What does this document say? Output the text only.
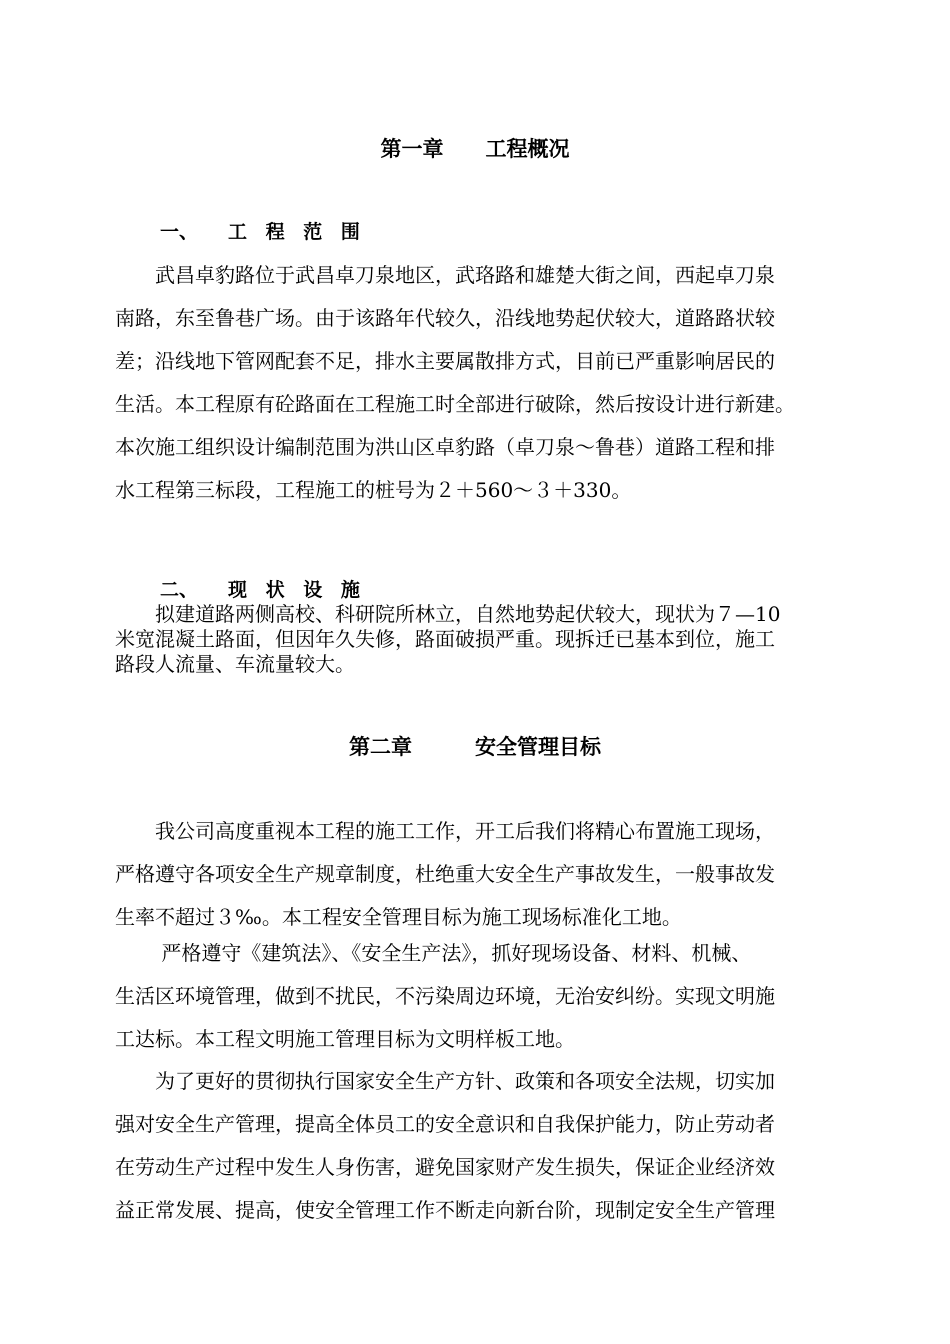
第一章　　工程概况
一、 工 程 范 围

　　武昌卓豹路位于武昌卓刀泉地区，武珞路和雄楚大街之间，西起卓刀泉
南路，东至鲁巷广场。由于该路年代较久，沿线地势起伏较大，道路路状较
差；沿线地下管网配套不足，排水主要属散排方式，目前已严重影响居民的
生活。本工程原有砼路面在工程施工时全部进行破除，然后按设计进行新建。
本次施工组织设计编制范围为洪山区卓豹路（卓刀泉～鲁巷）道路工程和排
水工程第三标段，工程施工的桩号为２＋560～３＋330。

二、 现 状 设 施

　　拟建道路两侧高校、科研院所林立，自然地势起伏较大，现状为７—10
米宽混凝土路面，但因年久失修，路面破损严重。现拆迁已基本到位，施工
路段人流量、车流量较大。

第二章　　　安全管理目标

　　我公司高度重视本工程的施工工作，开工后我们将精心布置施工现场，
严格遵守各项安全生产规章制度，杜绝重大安全生产事故发生，一般事故发
生率不超过３‰。本工程安全管理目标为施工现场标准化工地。

　　 严格遵守《建筑法》、《安全生产法》，抓好现场设备、材料、机械、
生活区环境管理，做到不扰民，不污染周边环境，无治安纠纷。实现文明施
工达标。本工程文明施工管理目标为文明样板工地。

　　为了更好的贯彻执行国家安全生产方针、政策和各项安全法规，切实加
强对安全生产管理，提高全体员工的安全意识和自我保护能力，防止劳动者
在劳动生产过程中发生人身伤害，避免国家财产发生损失，保证企业经济效
益正常发展、提高，使安全管理工作不断走向新台阶，现制定安全生产管理
